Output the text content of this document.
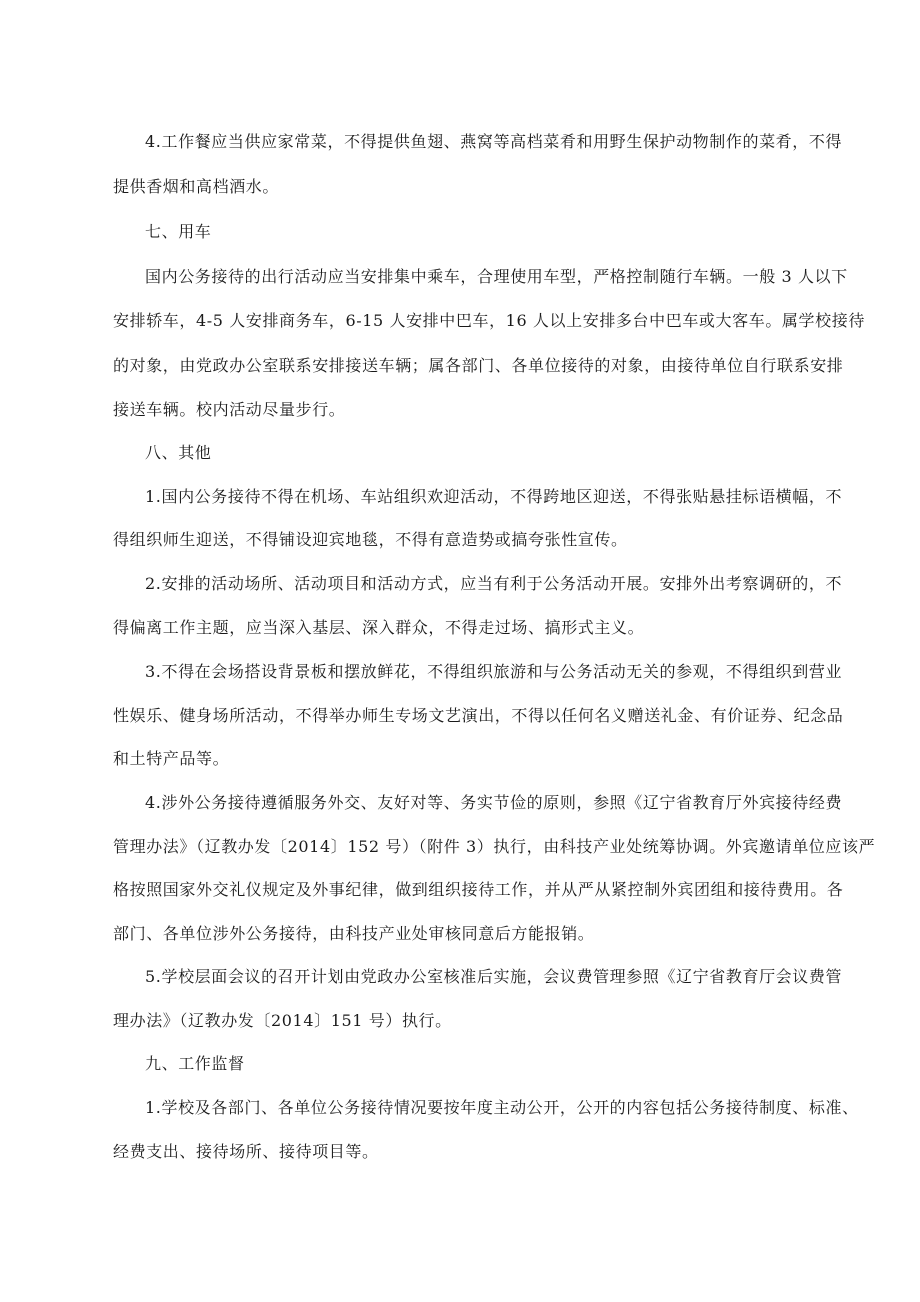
4.工作餐应当供应家常菜，不得提供鱼翅、燕窝等高档菜肴和用野生保护动物制作的菜肴，不得
提供香烟和高档酒水。
七、用车
国内公务接待的出行活动应当安排集中乘车，合理使用车型，严格控制随行车辆。一般 3 人以下
安排轿车，4-5 人安排商务车，6-15 人安排中巴车，16 人以上安排多台中巴车或大客车。属学校接待
的对象，由党政办公室联系安排接送车辆；属各部门、各单位接待的对象，由接待单位自行联系安排
接送车辆。校内活动尽量步行。
八、其他
1.国内公务接待不得在机场、车站组织欢迎活动，不得跨地区迎送，不得张贴悬挂标语横幅，不
得组织师生迎送，不得铺设迎宾地毯，不得有意造势或搞夸张性宣传。
2.安排的活动场所、活动项目和活动方式，应当有利于公务活动开展。安排外出考察调研的，不
得偏离工作主题，应当深入基层、深入群众，不得走过场、搞形式主义。
3.不得在会场搭设背景板和摆放鲜花，不得组织旅游和与公务活动无关的参观，不得组织到营业
性娱乐、健身场所活动，不得举办师生专场文艺演出，不得以任何名义赠送礼金、有价证券、纪念品
和土特产品等。
4.涉外公务接待遵循服务外交、友好对等、务实节俭的原则，参照《辽宁省教育厅外宾接待经费
管理办法》（辽教办发〔2014〕152 号）（附件 3）执行，由科技产业处统筹协调。外宾邀请单位应该严
格按照国家外交礼仪规定及外事纪律，做到组织接待工作，并从严从紧控制外宾团组和接待费用。各
部门、各单位涉外公务接待，由科技产业处审核同意后方能报销。
5.学校层面会议的召开计划由党政办公室核准后实施，会议费管理参照《辽宁省教育厅会议费管
理办法》（辽教办发〔2014〕151 号）执行。
九、工作监督
1.学校及各部门、各单位公务接待情况要按年度主动公开，公开的内容包括公务接待制度、标准、
经费支出、接待场所、接待项目等。
